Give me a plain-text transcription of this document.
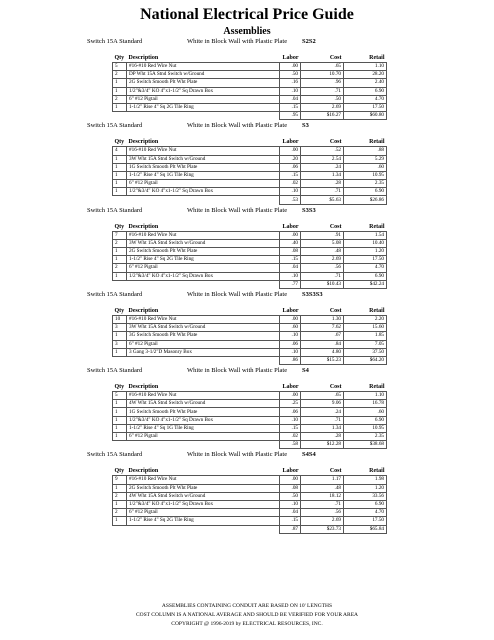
National Electrical Price Guide
Assemblies
Switch 15A Standard	White in Block Wall with Plastic Plate S2S2
Qty	Description	Labor	Cost	Retail
5	#16-#10 Red Wire Nut	.00	.65	1.10
2	DP Wht 15A Stnd Switch w/Ground	.50	10.70	28.20
1	2G Switch Smooth Plt Wht Plate	.16	.96	2.40
1	1/2"&3/4" KO 4"x1-1/2" Sq Drawn Box	.10	.71	6.90
2	6" #12 Pigtail	.04	.50	4.70
1	1-1/2" Rise 4" Sq 2G Tile Ring	.15	2.69	17.50
		.95	$16.27	$60.80
Switch 15A Standard	White in Block Wall with Plastic Plate S3
Qty	Description	Labor	Cost	Retail
4	#16-#10 Red Wire Nut	.00	.52	.88
1	3W Wht 15A Stnd Switch w/Ground	.20	2.54	5.29
1	1G Switch Smooth Plt Wht Plate	.06	.24	.60
1	1-1/2" Rise 4" Sq 1G Tile Ring	.15	1.34	10.95
1	6" #12 Pigtail	.02	.28	2.35
1	1/2"&3/4" KO 4"x1-1/2" Sq Drawn Box	.10	.71	6.90
		.53	$5.63	$26.86
Switch 15A Standard	White in Block Wall with Plastic Plate S3S3
Qty	Description	Labor	Cost	Retail
7	#16-#10 Red Wire Nut	.00	.91	1.54
2	3W Wht 15A Stnd Switch w/Ground	.40	5.08	10.40
1	2G Switch Smooth Plt Wht Plate	.08	.48	1.20
1	1-1/2" Rise 4" Sq 2G Tile Ring	.15	2.69	17.50
2	6" #12 Pigtail	.04	.56	4.70
1	1/2"&3/4" KO 4"x1-1/2" Sq Drawn Box	.10	.71	6.90
		.77	$10.43	$42.24
Switch 15A Standard	White in Block Wall with Plastic Plate S3S3S3
Qty	Description	Labor	Cost	Retail
10	#16-#10 Red Wire Nut	.00	1.30	2.20
3	3W Wht 15A Stnd Switch w/Ground	.60	7.62	15.60
1	3G Switch Smooth Plt Wht Plate	.10	.67	1.85
3	6" #12 Pigtail	.06	.84	7.05
1	3 Gang 3-1/2"D Masonry Box	.10	4.80	37.50
		.86	$15.23	$64.20
Switch 15A Standard	White in Block Wall with Plastic Plate S4
Qty	Description	Labor	Cost	Retail
5	#16-#10 Red Wire Nut	.00	.65	1.10
1	4W Wht 15A Stnd Switch w/Ground	.25	9.06	16.78
1	1G Switch Smooth Plt Wht Plate	.06	.24	.60
1	1/2"&3/4" KO 4"x1-1/2" Sq Drawn Box	.10	.71	6.90
1	1-1/2" Rise 4" Sq 1G Tile Ring	.15	1.34	10.95
1	6" #12 Pigtail	.02	.28	2.35
		.58	$12.28	$38.68
Switch 15A Standard	White in Block Wall with Plastic Plate S4S4
Qty	Description	Labor	Cost	Retail
9	#16-#10 Red Wire Nut	.00	1.17	1.98
1	2G Switch Smooth Plt Wht Plate	.08	.48	1.20
2	4W Wht 15A Stnd Switch w/Ground	.50	18.12	33.56
1	1/2"&3/4" KO 4"x1-1/2" Sq Drawn Box	.10	.71	6.90
2	6" #12 Pigtail	.04	.56	4.70
1	1-1/2" Rise 4" Sq 2G Tile Ring	.15	2.69	17.50
		.87	$23.73	$65.84
ASSEMBLIES CONTAINING CONDUIT ARE BASED ON 10' LENGTHS
COST COLUMN IS A NATIONAL AVERAGE AND SHOULD BE VERIFIED FOR YOUR AREA
COPYRIGHT @ 1996-2019 by ELECTRICAL RESOURCES, INC.
